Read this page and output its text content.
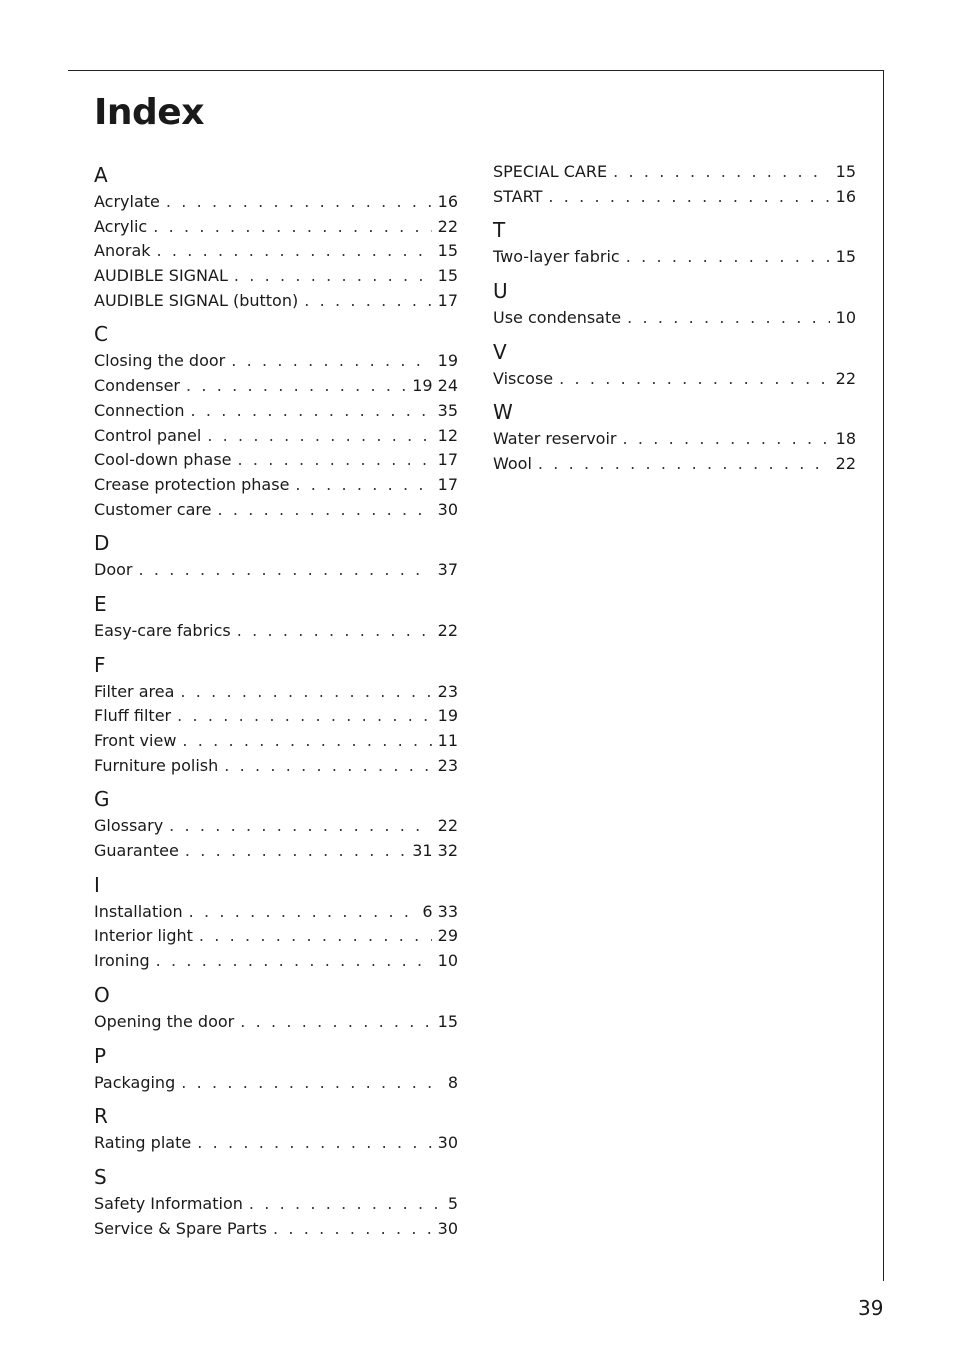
Index
A
Acrylate . . .	16
Acrylic . . .	22
Anorak . . .	15
AUDIBLE SIGNAL . . .	15
AUDIBLE SIGNAL (button) . . .	17
C
Closing the door . . .	19
Condenser . . .	19 24
Connection . . .	35
Control panel . . .	12
Cool-down phase . . .	17
Crease protection phase . . .	17
Customer care . . .	30
D
Door . . .	37
E
Easy-care fabrics . . .	22
F
Filter area . . .	23
Fluff filter . . .	19
Front view . . .	11
Furniture polish . . .	23
G
Glossary . . .	22
Guarantee . . .	31 32
I
Installation . . .	6 33
Interior light . . .	29
Ironing . . .	10
O
Opening the door . . .	15
P
Packaging . . .	8
R
Rating plate . . .	30
S
Safety Information . . .	5
Service & Spare Parts . . .	30
SPECIAL CARE . . .	15
START . . .	16
T
Two-layer fabric . . .	15
U
Use condensate . . .	10
V
Viscose . . .	22
W
Water reservoir . . .	18
Wool . . .	22
39
